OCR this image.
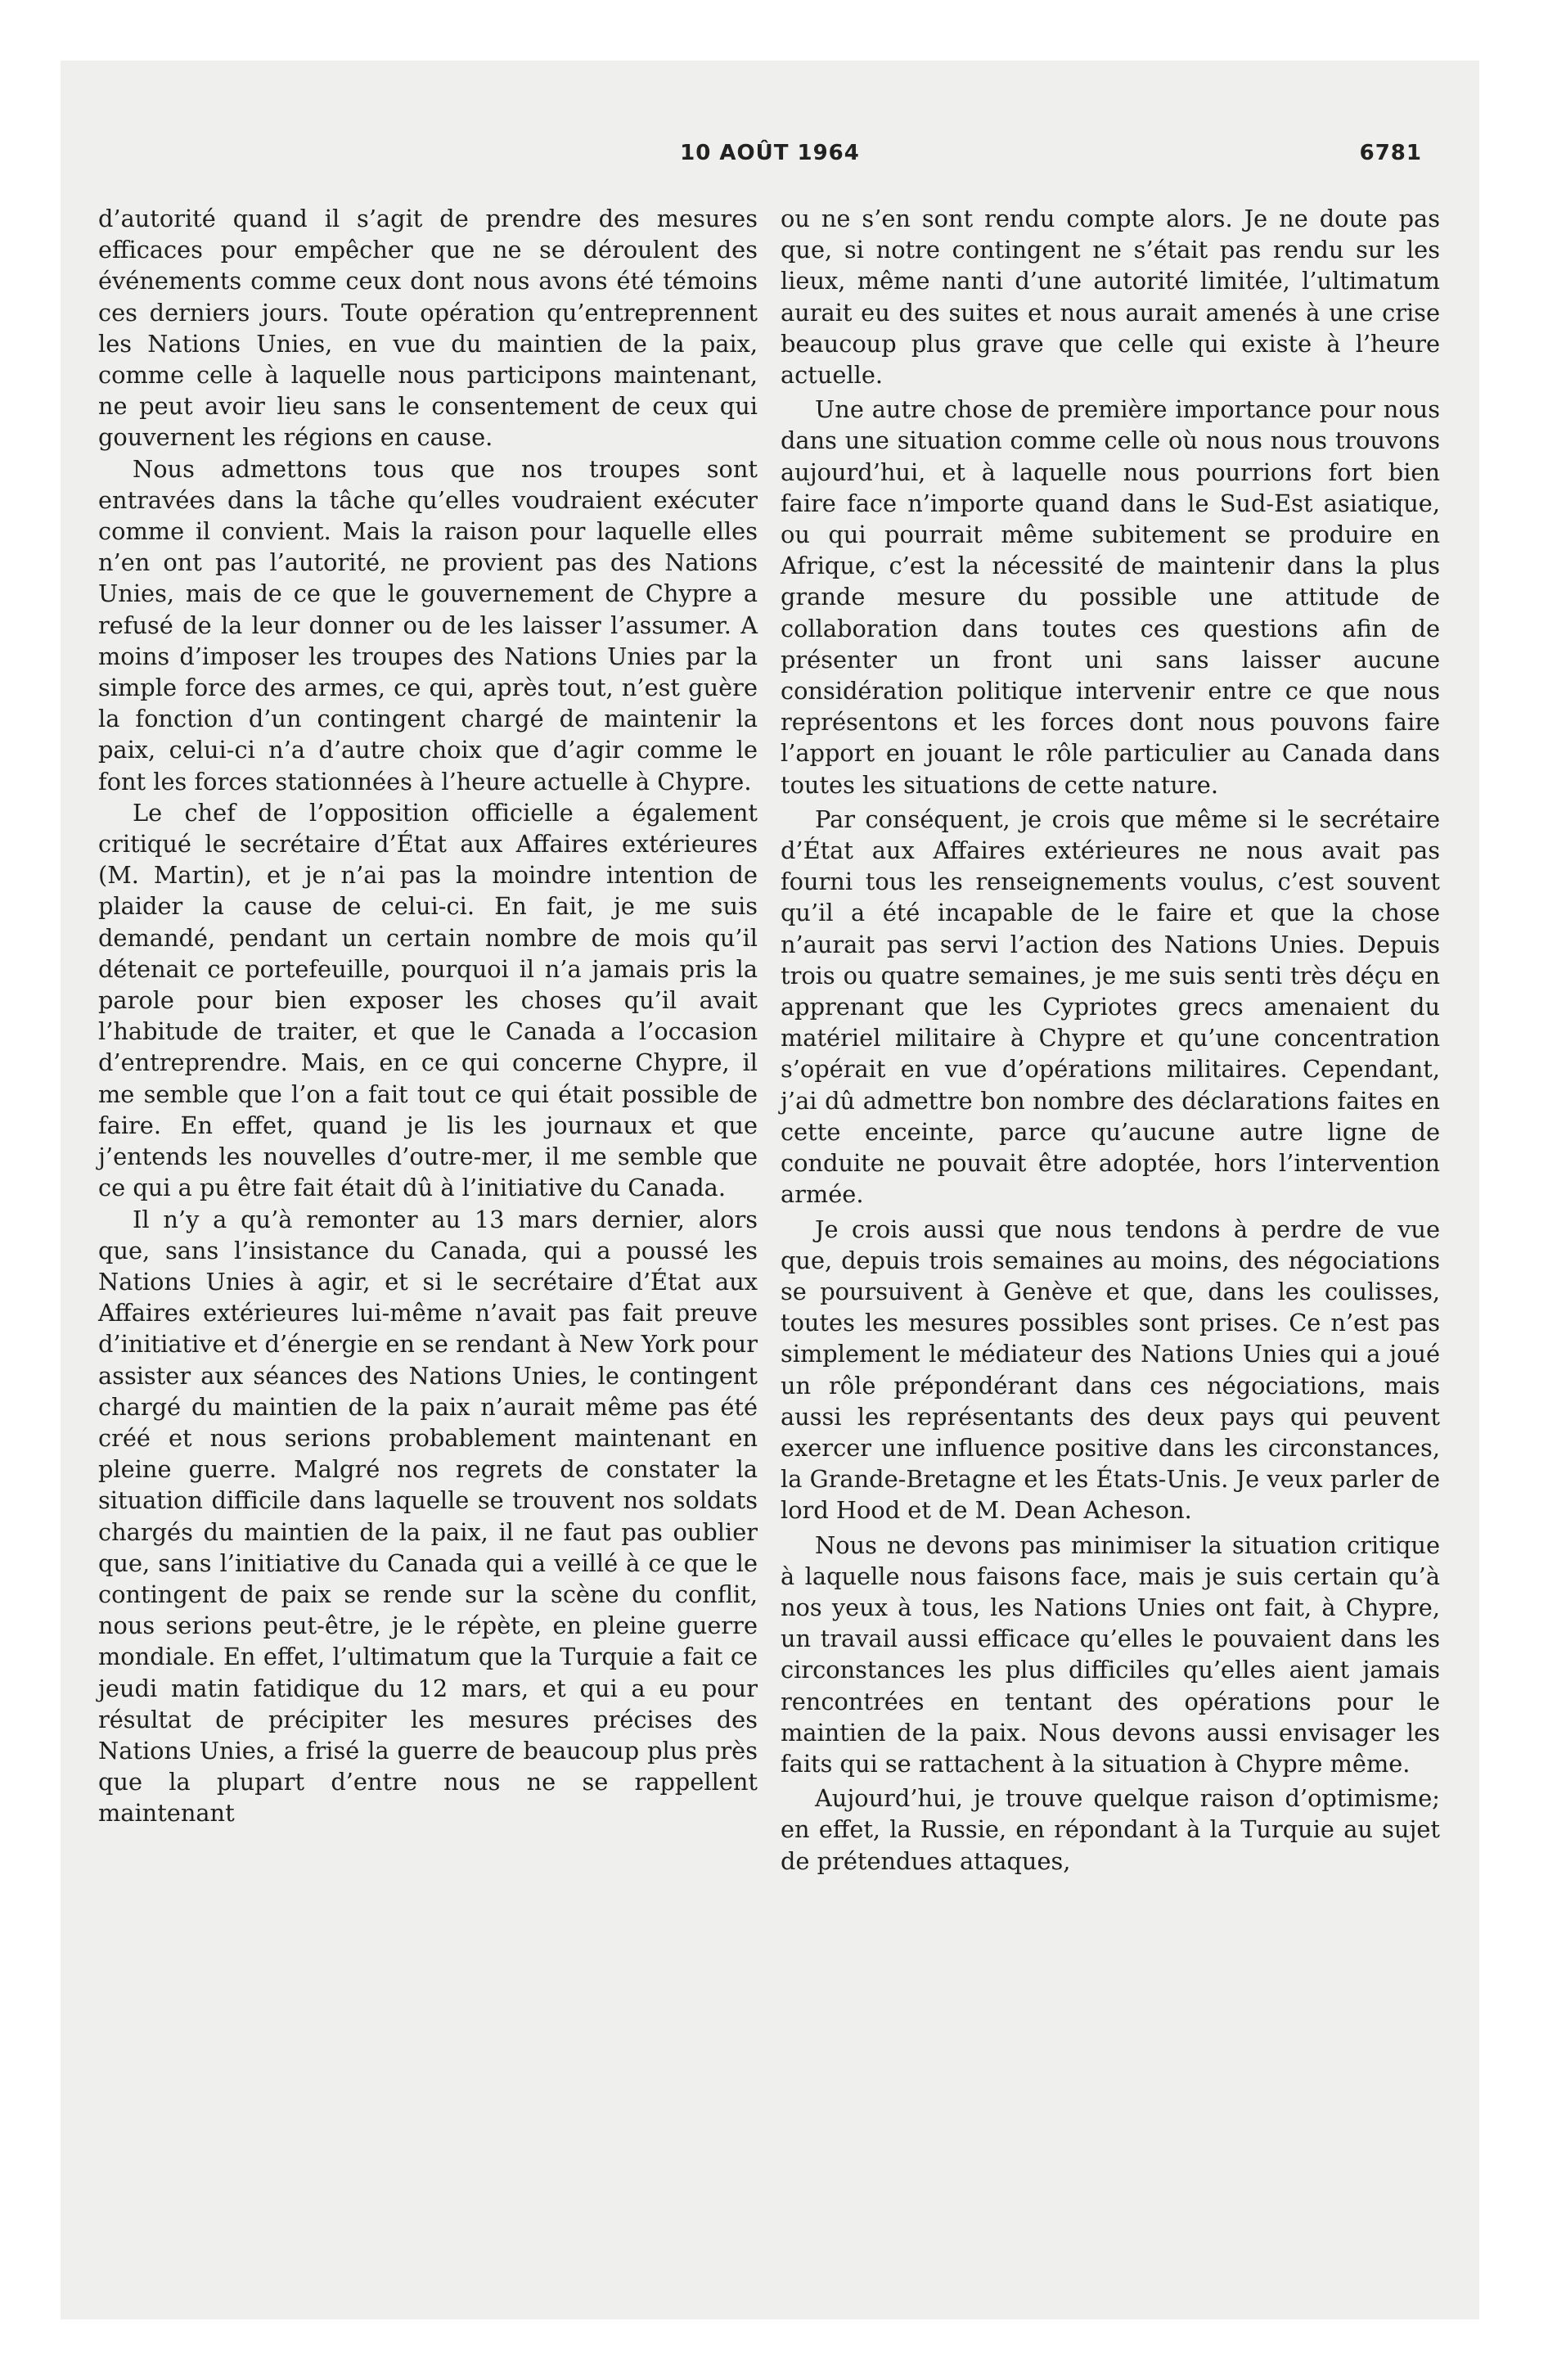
10 AOÛT 1964	6781

d’autorité quand il s’agit de prendre des mesures efficaces pour empêcher que ne se déroulent des événements comme ceux dont nous avons été témoins ces derniers jours. Toute opération qu’entreprennent les Nations Unies, en vue du maintien de la paix, comme celle à laquelle nous participons maintenant, ne peut avoir lieu sans le consentement de ceux qui gouvernent les régions en cause.

Nous admettons tous que nos troupes sont entravées dans la tâche qu’elles voudraient exécuter comme il convient. Mais la raison pour laquelle elles n’en ont pas l’autorité, ne provient pas des Nations Unies, mais de ce que le gouvernement de Chypre a refusé de la leur donner ou de les laisser l’assumer. A moins d’imposer les troupes des Nations Unies par la simple force des armes, ce qui, après tout, n’est guère la fonction d’un contingent chargé de maintenir la paix, celui-ci n’a d’autre choix que d’agir comme le font les forces stationnées à l’heure actuelle à Chypre.

Le chef de l’opposition officielle a également critiqué le secrétaire d’État aux Affaires extérieures (M. Martin), et je n’ai pas la moindre intention de plaider la cause de celui-ci. En fait, je me suis demandé, pendant un certain nombre de mois qu’il détenait ce portefeuille, pourquoi il n’a jamais pris la parole pour bien exposer les choses qu’il avait l’habitude de traiter, et que le Canada a l’occasion d’entreprendre. Mais, en ce qui concerne Chypre, il me semble que l’on a fait tout ce qui était possible de faire. En effet, quand je lis les journaux et que j’entends les nouvelles d’outre-mer, il me semble que ce qui a pu être fait était dû à l’initiative du Canada.

Il n’y a qu’à remonter au 13 mars dernier, alors que, sans l’insistance du Canada, qui a poussé les Nations Unies à agir, et si le secrétaire d’État aux Affaires extérieures lui-même n’avait pas fait preuve d’initiative et d’énergie en se rendant à New York pour assister aux séances des Nations Unies, le contingent chargé du maintien de la paix n’aurait même pas été créé et nous serions probablement maintenant en pleine guerre. Malgré nos regrets de constater la situation difficile dans laquelle se trouvent nos soldats chargés du maintien de la paix, il ne faut pas oublier que, sans l’initiative du Canada qui a veillé à ce que le contingent de paix se rende sur la scène du conflit, nous serions peut-être, je le répète, en pleine guerre mondiale. En effet, l’ultimatum que la Turquie a fait ce jeudi matin fatidique du 12 mars, et qui a eu pour résultat de précipiter les mesures précises des Nations Unies, a frisé la guerre de beaucoup plus près que la plupart d’entre nous ne se rappellent maintenant

ou ne s’en sont rendu compte alors. Je ne doute pas que, si notre contingent ne s’était pas rendu sur les lieux, même nanti d’une autorité limitée, l’ultimatum aurait eu des suites et nous aurait amenés à une crise beaucoup plus grave que celle qui existe à l’heure actuelle.

Une autre chose de première importance pour nous dans une situation comme celle où nous nous trouvons aujourd’hui, et à laquelle nous pourrions fort bien faire face n’importe quand dans le Sud-Est asiatique, ou qui pourrait même subitement se produire en Afrique, c’est la nécessité de maintenir dans la plus grande mesure du possible une attitude de collaboration dans toutes ces questions afin de présenter un front uni sans laisser aucune considération politique intervenir entre ce que nous représentons et les forces dont nous pouvons faire l’apport en jouant le rôle particulier au Canada dans toutes les situations de cette nature.

Par conséquent, je crois que même si le secrétaire d’État aux Affaires extérieures ne nous avait pas fourni tous les renseignements voulus, c’est souvent qu’il a été incapable de le faire et que la chose n’aurait pas servi l’action des Nations Unies. Depuis trois ou quatre semaines, je me suis senti très déçu en apprenant que les Cypriotes grecs amenaient du matériel militaire à Chypre et qu’une concentration s’opérait en vue d’opérations militaires. Cependant, j’ai dû admettre bon nombre des déclarations faites en cette enceinte, parce qu’aucune autre ligne de conduite ne pouvait être adoptée, hors l’intervention armée.

Je crois aussi que nous tendons à perdre de vue que, depuis trois semaines au moins, des négociations se poursuivent à Genève et que, dans les coulisses, toutes les mesures possibles sont prises. Ce n’est pas simplement le médiateur des Nations Unies qui a joué un rôle prépondérant dans ces négociations, mais aussi les représentants des deux pays qui peuvent exercer une influence positive dans les circonstances, la Grande-Bretagne et les États-Unis. Je veux parler de lord Hood et de M. Dean Acheson.

Nous ne devons pas minimiser la situation critique à laquelle nous faisons face, mais je suis certain qu’à nos yeux à tous, les Nations Unies ont fait, à Chypre, un travail aussi efficace qu’elles le pouvaient dans les circonstances les plus difficiles qu’elles aient jamais rencontrées en tentant des opérations pour le maintien de la paix. Nous devons aussi envisager les faits qui se rattachent à la situation à Chypre même.

Aujourd’hui, je trouve quelque raison d’optimisme; en effet, la Russie, en répondant à la Turquie au sujet de prétendues attaques,
